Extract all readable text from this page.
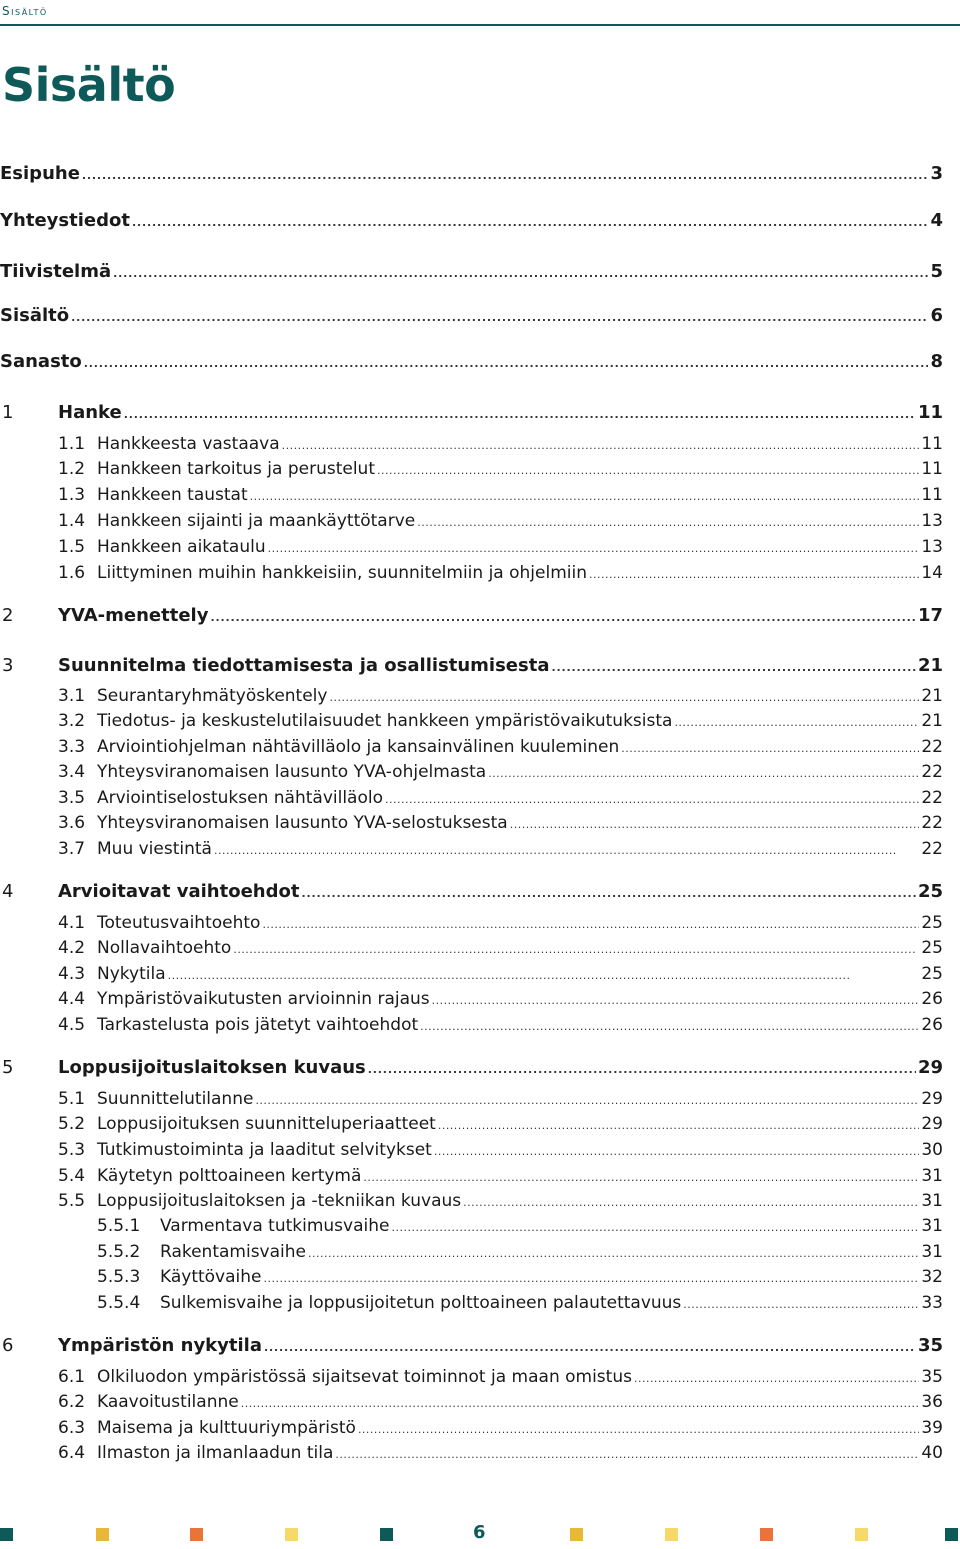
Sisältö
Sisältö
Esipuhe . . .	3
Yhteystiedot . . .	4
Tiivistelmä . . .	5
Sisältö . . .	6
Sanasto . . .	8
1	Hanke . . .	11
1.1 Hankkeesta vastaava . . .	11
1.2 Hankkeen tarkoitus ja perustelut . . .	11
1.3 Hankkeen taustat . . .	11
1.4 Hankkeen sijainti ja maankäyttötarve . . .	13
1.5 Hankkeen aikataulu . . .	13
1.6 Liittyminen muihin hankkeisiin, suunnitelmiin ja ohjelmiin . . .	14
2	YVA-menettely . . .	17
3	Suunnitelma tiedottamisesta ja osallistumisesta . . .	21
3.1 Seurantaryhmätyöskentely . . .	21
3.2 Tiedotus- ja keskustelutilaisuudet hankkeen ympäristövaikutuksista . . .	21
3.3 Arviointiohjelman nähtävilläolo ja kansainvälinen kuuleminen . . .	22
3.4 Yhteysviranomaisen lausunto YVA-ohjelmasta . . .	22
3.5 Arviointiselostuksen nähtävilläolo . . .	22
3.6 Yhteysviranomaisen lausunto YVA-selostuksesta . . .	22
3.7 Muu viestintä . . .	22
4	Arvioitavat vaihtoehdot . . .	25
4.1 Toteutusvaihtoehto . . .	25
4.2 Nollavaihtoehto . . .	25
4.3 Nykytila . . .	25
4.4 Ympäristövaikutusten arvioinnin rajaus . . .	26
4.5 Tarkastelusta pois jätetyt vaihtoehdot . . .	26
5	Loppusijoituslaitoksen kuvaus . . .	29
5.1 Suunnittelutilanne . . .	29
5.2 Loppusijoituksen suunnitteluperiaatteet . . .	29
5.3 Tutkimustoiminta ja laaditut selvitykset . . .	30
5.4 Käytetyn polttoaineen kertymä . . .	31
5.5 Loppusijoituslaitoksen ja -tekniikan kuvaus . . .	31
5.5.1	Varmentava tutkimusvaihe . . .	31
5.5.2	Rakentamisvaihe . . .	31
5.5.3	Käyttövaihe . . .	32
5.5.4	Sulkemisvaihe ja loppusijoitetun polttoaineen palautettavuus . . .	33
6	Ympäristön nykytila . . .	35
6.1 Olkiluodon ympäristössä sijaitsevat toiminnot ja maan omistus . . .	35
6.2 Kaavoitustilanne . . .	36
6.3 Maisema ja kulttuuriympäristö . . .	39
6.4 Ilmaston ja ilmanlaadun tila . . .	40
6
